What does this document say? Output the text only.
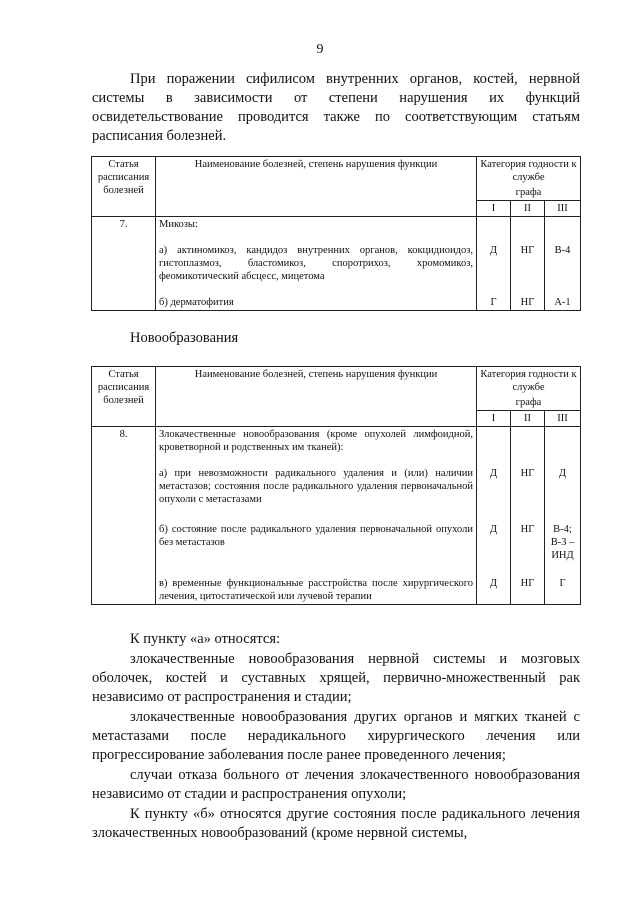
9

При поражении сифилисом внутренних органов, костей, нервной системы в зависимости от степени нарушения их функций освидетельствование проводится также по соответствующим статьям расписания болезней.

Статья расписания болезней	Наименование болезней, степень нарушения функции	Категория годности к службе		
		графа		
		I	II	III
7.	Микозы:			
	а) актиномикоз, кандидоз внутренних органов, кокцидиоидоз, гистоплазмоз, бластомикоз, споротрихоз, хромомикоз, феомикотический абсцесс, мицетома	Д	НГ	В-4
	б) дерматофития	Г	НГ	А-1
Новообразования
Статья расписания болезней	Наименование болезней, степень нарушения функции	Категория годности к службе		
		графа		
		I	II	III
8.	Злокачественные новообразования (кроме опухолей лимфоидной, кроветворной и родственных им тканей):			
	а) при невозможности радикального удаления и (или) наличии метастазов; состояния после радикального удаления первоначальной опухоли с метастазами	Д	НГ	Д
	б) состояние после радикального удаления первоначальной опухоли без метастазов	Д	НГ	В-4; В-3 – ИНД
	в) временные функциональные расстройства после хирургического лечения, цитостатической или лучевой терапии	Д	НГ	Г

К пункту «а» относятся:

злокачественные новообразования нервной системы и мозговых оболочек, костей и суставных хрящей, первично-множественный рак независимо от распространения и стадии;

злокачественные новообразования других органов и мягких тканей с метастазами после нерадикального хирургического лечения или прогрессирование заболевания после ранее проведенного лечения;

случаи отказа больного от лечения злокачественного новообразования независимо от стадии и распространения опухоли;

К пункту «б» относятся другие состояния после радикального лечения злокачественных новообразований (кроме нервной системы,
